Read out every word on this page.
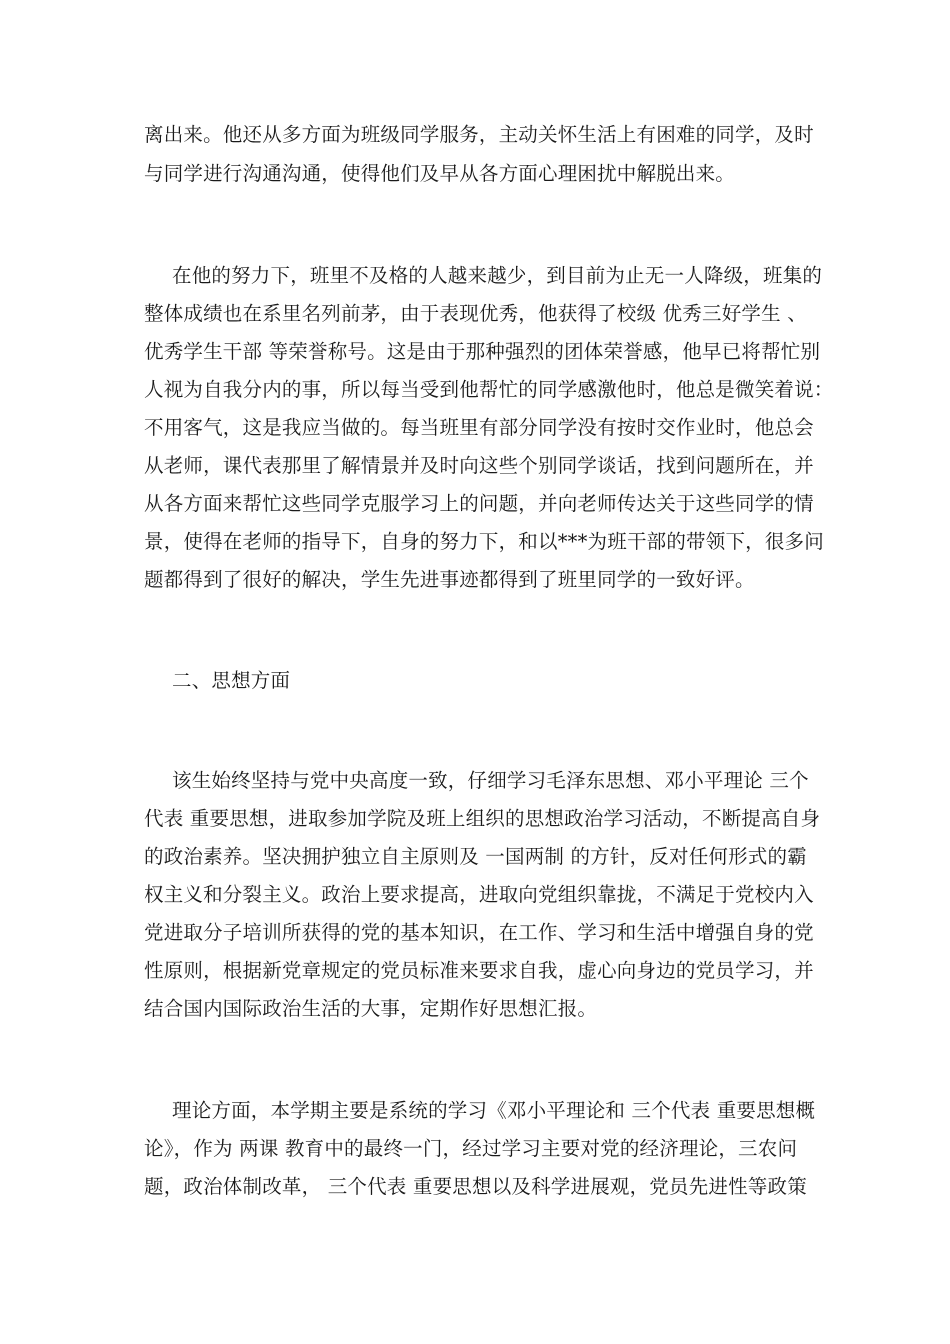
离出来。他还从多方面为班级同学服务，主动关怀生活上有困难的同学，及时
与同学进行沟通沟通，使得他们及早从各方面心理困扰中解脱出来。
在他的努力下，班里不及格的人越来越少，到目前为止无一人降级，班集的
整体成绩也在系里名列前茅，由于表现优秀，他获得了校级 优秀三好学生 、
优秀学生干部 等荣誉称号。这是由于那种强烈的团体荣誉感，他早已将帮忙别
人视为自我分内的事，所以每当受到他帮忙的同学感激他时，他总是微笑着说：
不用客气，这是我应当做的。每当班里有部分同学没有按时交作业时，他总会
从老师，课代表那里了解情景并及时向这些个别同学谈话，找到问题所在，并
从各方面来帮忙这些同学克服学习上的问题，并向老师传达关于这些同学的情
景，使得在老师的指导下，自身的努力下，和以***为班干部的带领下，很多问
题都得到了很好的解决，学生先进事迹都得到了班里同学的一致好评。
二、思想方面
该生始终坚持与党中央高度一致，仔细学习毛泽东思想、邓小平理论 三个
代表 重要思想，进取参加学院及班上组织的思想政治学习活动，不断提高自身
的政治素养。坚决拥护独立自主原则及 一国两制 的方针，反对任何形式的霸
权主义和分裂主义。政治上要求提高，进取向党组织靠拢，不满足于党校内入
党进取分子培训所获得的党的基本知识，在工作、学习和生活中增强自身的党
性原则，根据新党章规定的党员标准来要求自我，虚心向身边的党员学习，并
结合国内国际政治生活的大事，定期作好思想汇报。
理论方面，本学期主要是系统的学习《邓小平理论和 三个代表 重要思想概
论》，作为 两课 教育中的最终一门，经过学习主要对党的经济理论，三农问
题，政治体制改革， 三个代表 重要思想以及科学进展观，党员先进性等政策
